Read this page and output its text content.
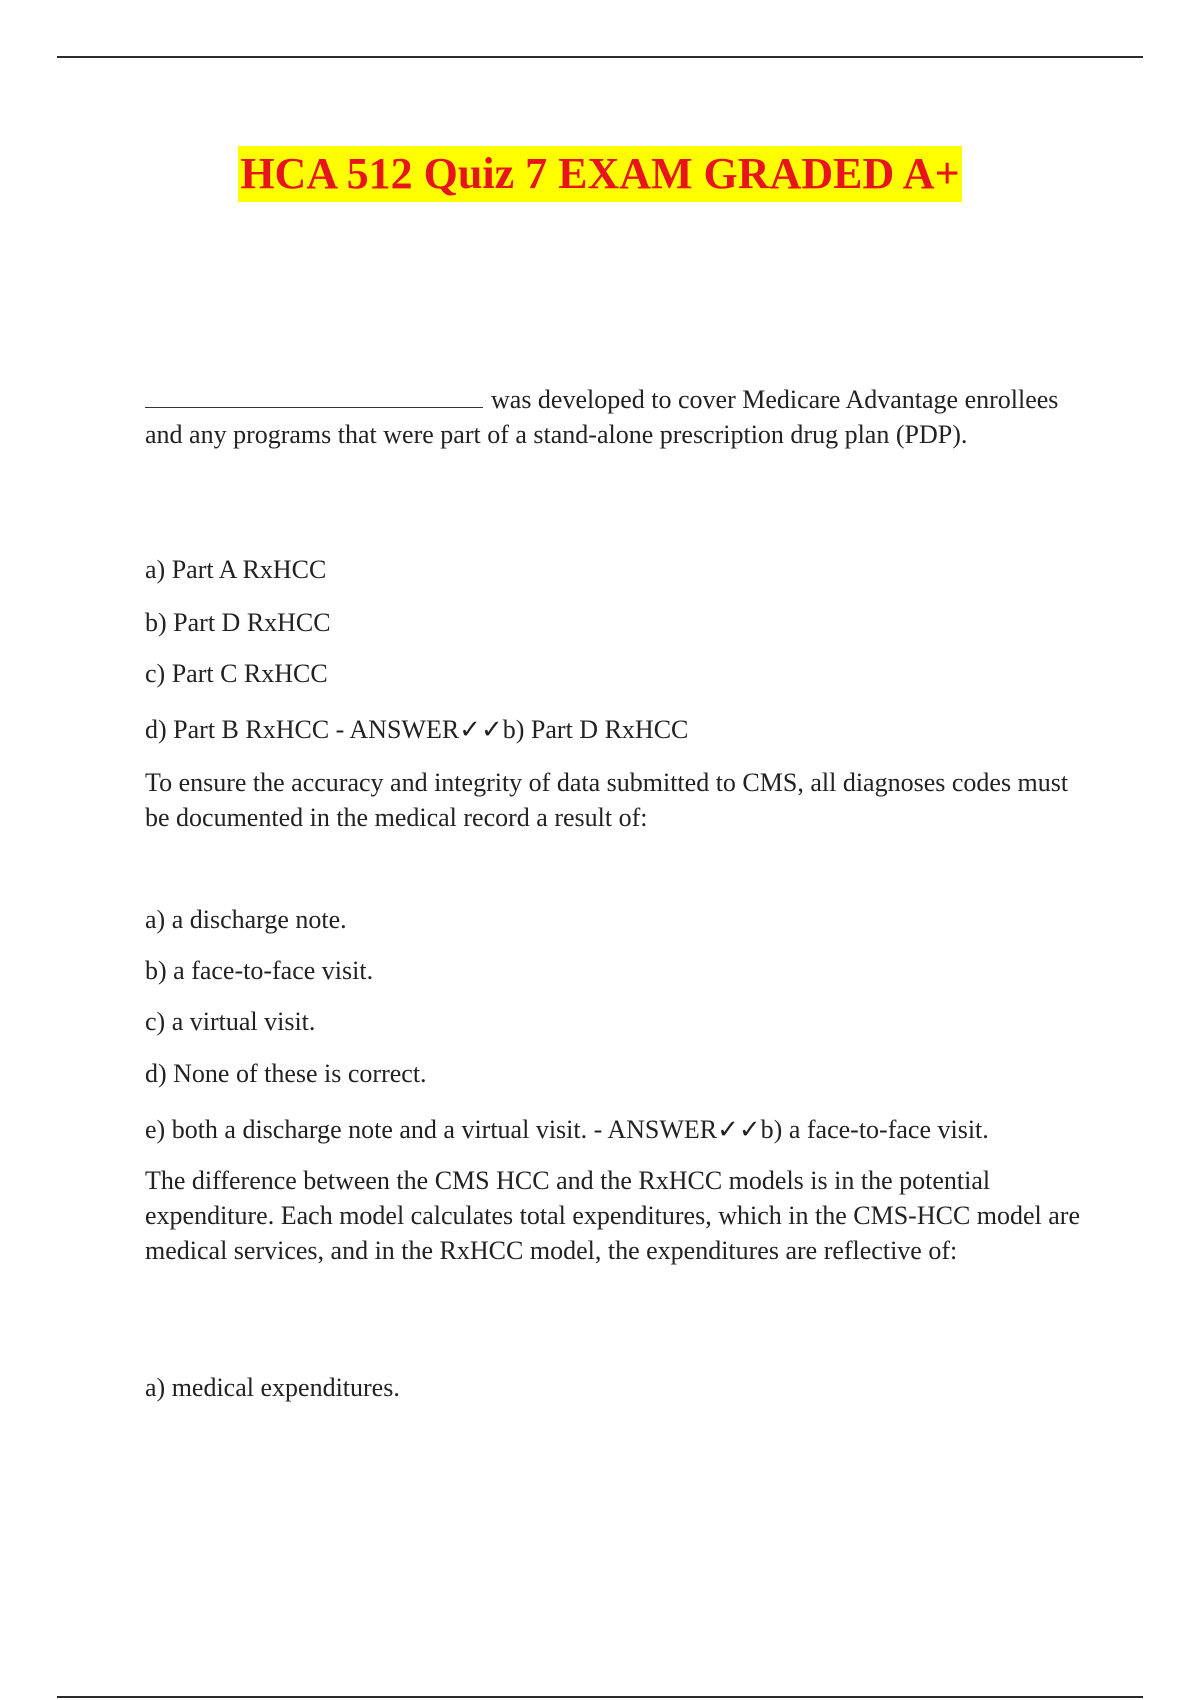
HCA 512 Quiz 7 EXAM GRADED A+

was developed to cover Medicare Advantage enrollees and any programs that were part of a stand-alone prescription drug plan (PDP).

a) Part A RxHCC
b) Part D RxHCC
c) Part C RxHCC
d) Part B RxHCC - ANSWER✓✓b) Part D RxHCC

To ensure the accuracy and integrity of data submitted to CMS, all diagnoses codes must be documented in the medical record a result of:

a) a discharge note.
b) a face-to-face visit.
c) a virtual visit.
d) None of these is correct.
e) both a discharge note and a virtual visit. - ANSWER✓✓b) a face-to-face visit.

The difference between the CMS HCC and the RxHCC models is in the potential expenditure. Each model calculates total expenditures, which in the CMS-HCC model are medical services, and in the RxHCC model, the expenditures are reflective of:

a) medical expenditures.
